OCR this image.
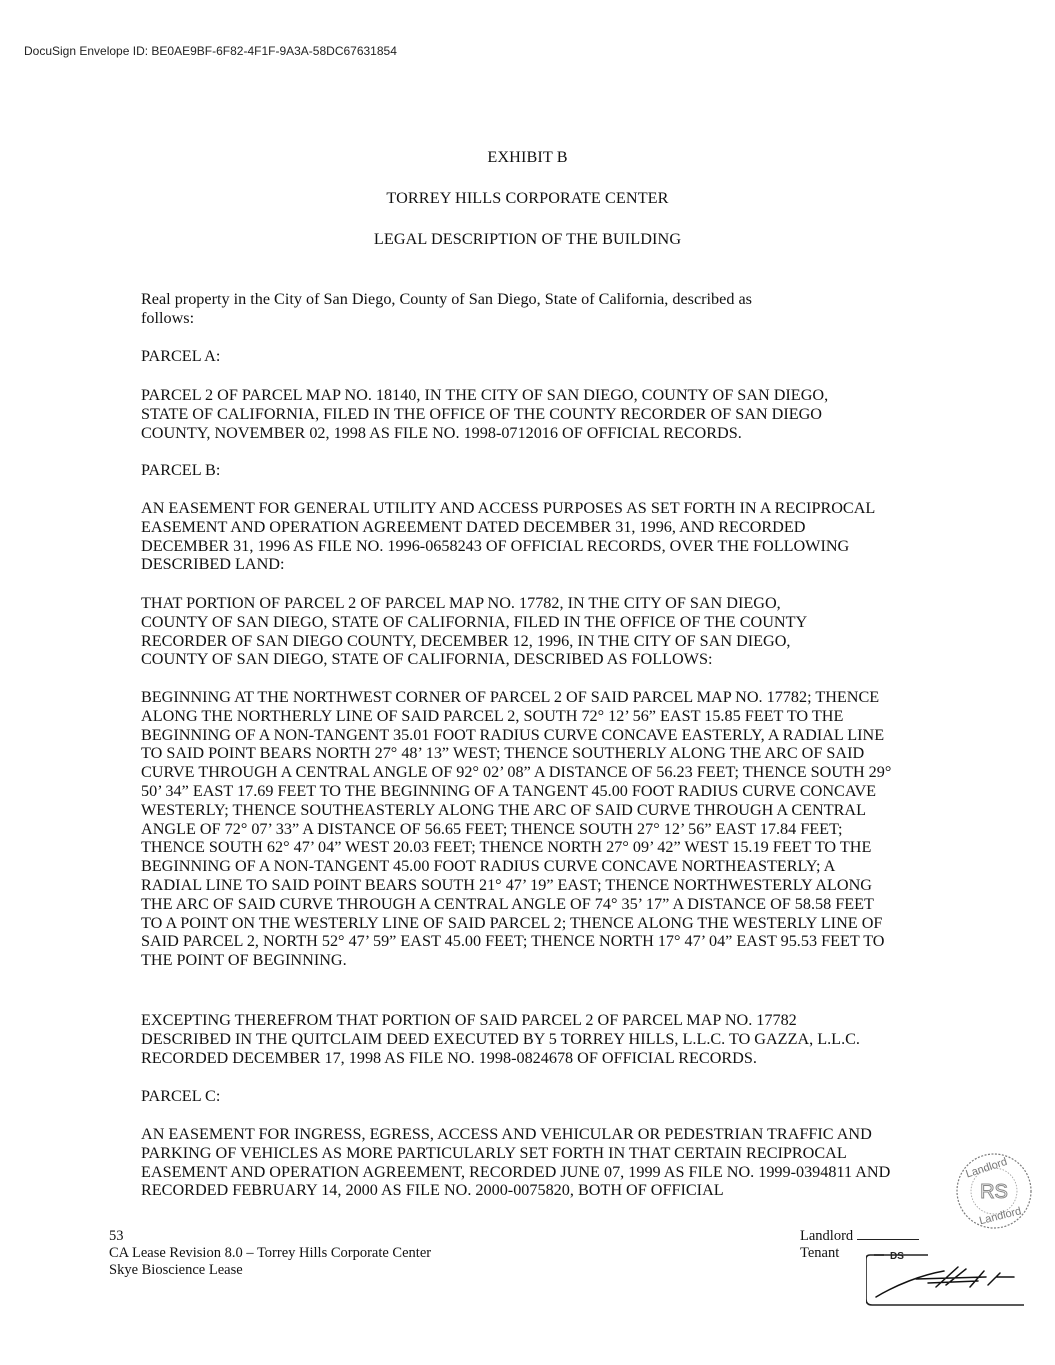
DocuSign Envelope ID: BE0AE9BF-6F82-4F1F-9A3A-58DC67631854
EXHIBIT B
TORREY HILLS CORPORATE CENTER
LEGAL DESCRIPTION OF THE BUILDING

Real property in the City of San Diego, County of San Diego, State of California, described as follows:

PARCEL A:

PARCEL 2 OF PARCEL MAP NO. 18140, IN THE CITY OF SAN DIEGO, COUNTY OF SAN DIEGO, STATE OF CALIFORNIA, FILED IN THE OFFICE OF THE COUNTY RECORDER OF SAN DIEGO COUNTY, NOVEMBER 02, 1998 AS FILE NO. 1998-0712016 OF OFFICIAL RECORDS.

PARCEL B:

AN EASEMENT FOR GENERAL UTILITY AND ACCESS PURPOSES AS SET FORTH IN A RECIPROCAL EASEMENT AND OPERATION AGREEMENT DATED DECEMBER 31, 1996, AND RECORDED DECEMBER 31, 1996 AS FILE NO. 1996-0658243 OF OFFICIAL RECORDS, OVER THE FOLLOWING DESCRIBED LAND:

THAT PORTION OF PARCEL 2 OF PARCEL MAP NO. 17782, IN THE CITY OF SAN DIEGO, COUNTY OF SAN DIEGO, STATE OF CALIFORNIA, FILED IN THE OFFICE OF THE COUNTY RECORDER OF SAN DIEGO COUNTY, DECEMBER 12, 1996, IN THE CITY OF SAN DIEGO, COUNTY OF SAN DIEGO, STATE OF CALIFORNIA, DESCRIBED AS FOLLOWS:

BEGINNING AT THE NORTHWEST CORNER OF PARCEL 2 OF SAID PARCEL MAP NO. 17782; THENCE ALONG THE NORTHERLY LINE OF SAID PARCEL 2, SOUTH 72° 12’ 56” EAST 15.85 FEET TO THE BEGINNING OF A NON-TANGENT 35.01 FOOT RADIUS CURVE CONCAVE EASTERLY, A RADIAL LINE TO SAID POINT BEARS NORTH 27° 48’ 13” WEST; THENCE SOUTHERLY ALONG THE ARC OF SAID CURVE THROUGH A CENTRAL ANGLE OF 92° 02’ 08” A DISTANCE OF 56.23 FEET; THENCE SOUTH 29° 50’ 34” EAST 17.69 FEET TO THE BEGINNING OF A TANGENT 45.00 FOOT RADIUS CURVE CONCAVE WESTERLY; THENCE SOUTHEASTERLY ALONG THE ARC OF SAID CURVE THROUGH A CENTRAL ANGLE OF 72° 07’ 33” A DISTANCE OF 56.65 FEET; THENCE SOUTH 27° 12’ 56” EAST 17.84 FEET; THENCE SOUTH 62° 47’ 04” WEST 20.03 FEET; THENCE NORTH 27° 09’ 42” WEST 15.19 FEET TO THE BEGINNING OF A NON-TANGENT 45.00 FOOT RADIUS CURVE CONCAVE NORTHEASTERLY; A RADIAL LINE TO SAID POINT BEARS SOUTH 21° 47’ 19” EAST; THENCE NORTHWESTERLY ALONG THE ARC OF SAID CURVE THROUGH A CENTRAL ANGLE OF 74° 35’ 17” A DISTANCE OF 58.58 FEET TO A POINT ON THE WESTERLY LINE OF SAID PARCEL 2; THENCE ALONG THE WESTERLY LINE OF SAID PARCEL 2, NORTH 52° 47’ 59” EAST 45.00 FEET; THENCE NORTH 17° 47’ 04” EAST 95.53 FEET TO THE POINT OF BEGINNING.

EXCEPTING THEREFROM THAT PORTION OF SAID PARCEL 2 OF PARCEL MAP NO. 17782 DESCRIBED IN THE QUITCLAIM DEED EXECUTED BY 5 TORREY HILLS, L.L.C. TO GAZZA, L.L.C. RECORDED DECEMBER 17, 1998 AS FILE NO. 1998-0824678 OF OFFICIAL RECORDS.

PARCEL C:

AN EASEMENT FOR INGRESS, EGRESS, ACCESS AND VEHICULAR OR PEDESTRIAN TRAFFIC AND PARKING OF VEHICLES AS MORE PARTICULARLY SET FORTH IN THAT CERTAIN RECIPROCAL EASEMENT AND OPERATION AGREEMENT, RECORDED JUNE 07, 1999 AS FILE NO. 1999-0394811 AND RECORDED FEBRUARY 14, 2000 AS FILE NO. 2000-0075820, BOTH OF OFFICIAL

53
CA Lease Revision 8.0 – Torrey Hills Corporate Center
Skye Bioscience Lease
Landlord
Tenant
Landlord
RS
Landlord
DS
